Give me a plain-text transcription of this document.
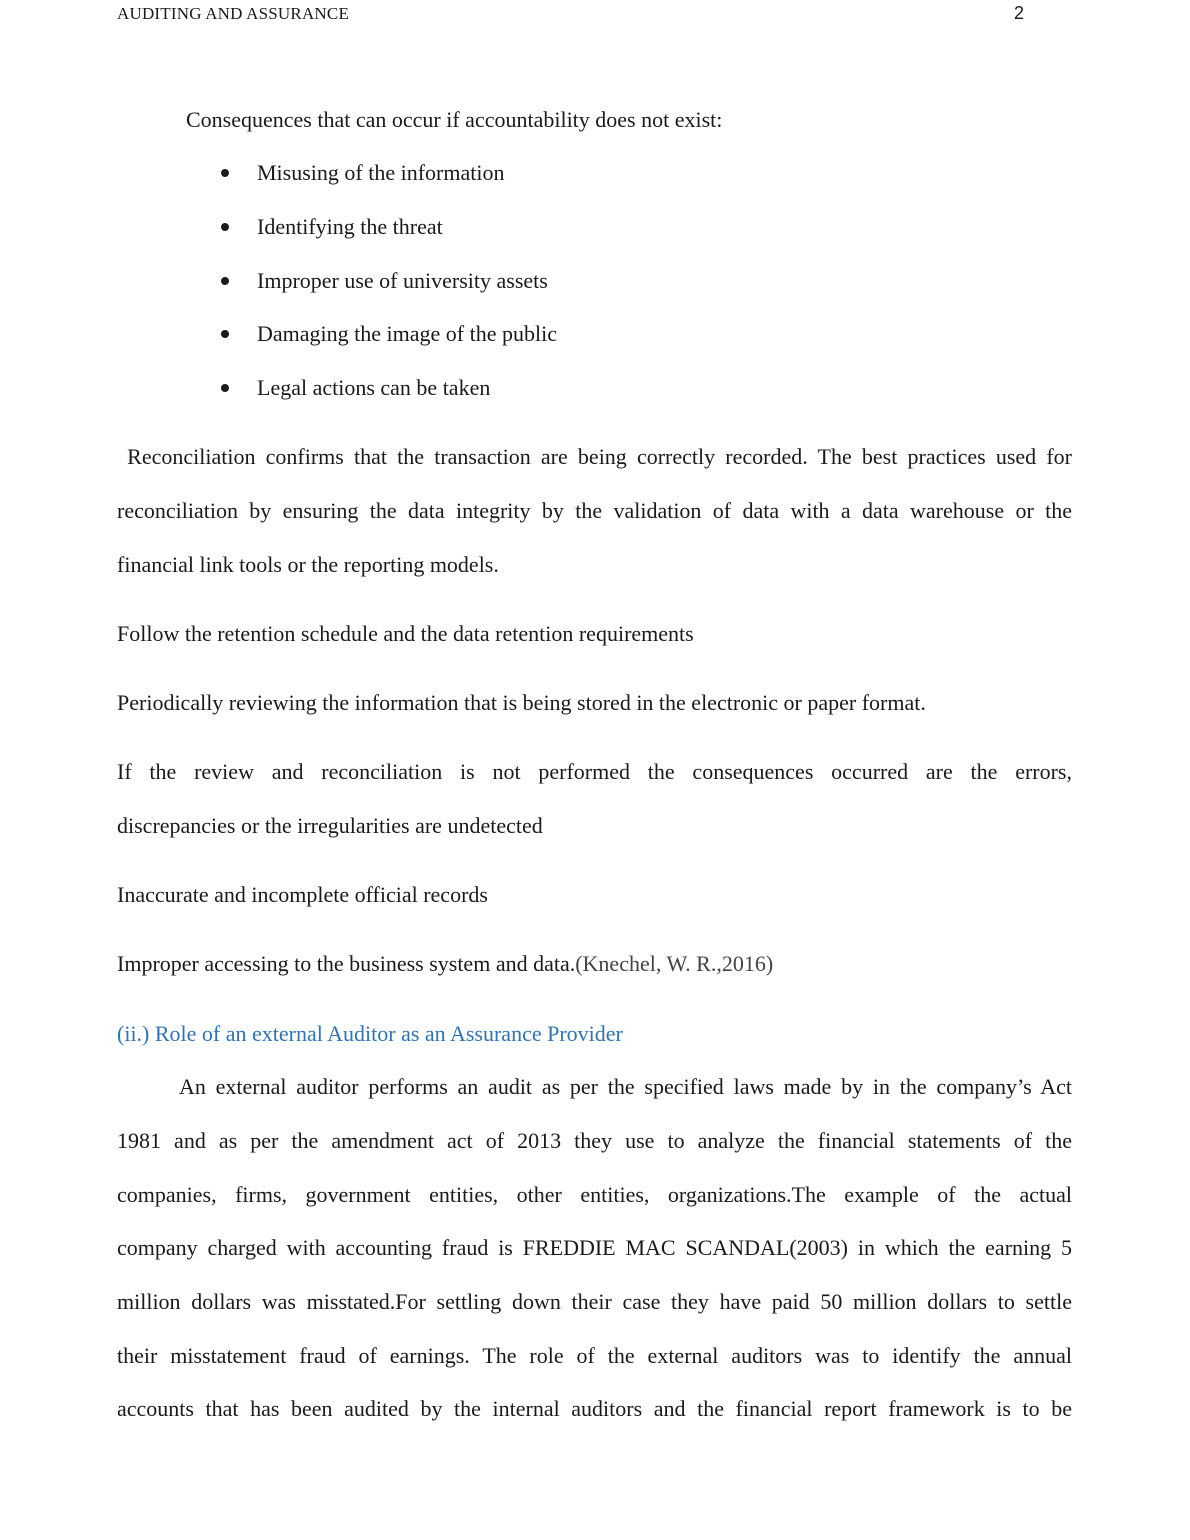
AUDITING AND ASSURANCE	2
Consequences that can occur if accountability does not exist:
Misusing of the information
Identifying the threat
Improper use of university assets
Damaging the image of the public
Legal actions can be taken
Reconciliation confirms that the transaction are being correctly recorded. The best practices used for
reconciliation by ensuring the data integrity by the validation of data with a data warehouse or the
financial link tools or the reporting models.
Follow the retention schedule and the data retention requirements
Periodically reviewing the information that is being stored in the electronic or paper format.
If the review and reconciliation is not performed the consequences occurred are the errors,
discrepancies or the irregularities are undetected
Inaccurate and incomplete official records
Improper accessing to the business system and data.(Knechel, W. R.,2016)
(ii.) Role of an external Auditor as an Assurance Provider
An external auditor performs an audit as per the specified laws made by in the company’s Act
1981 and as per the amendment act of 2013 they use to analyze the financial statements of the
companies, firms, government entities, other entities, organizations.The example of the actual
company charged with accounting fraud is FREDDIE MAC SCANDAL(2003) in which the earning 5
million dollars was misstated.For settling down their case they have paid 50 million dollars to settle
their misstatement fraud of earnings. The role of the external auditors was to identify the annual
accounts that has been audited by the internal auditors and the financial report framework is to be
